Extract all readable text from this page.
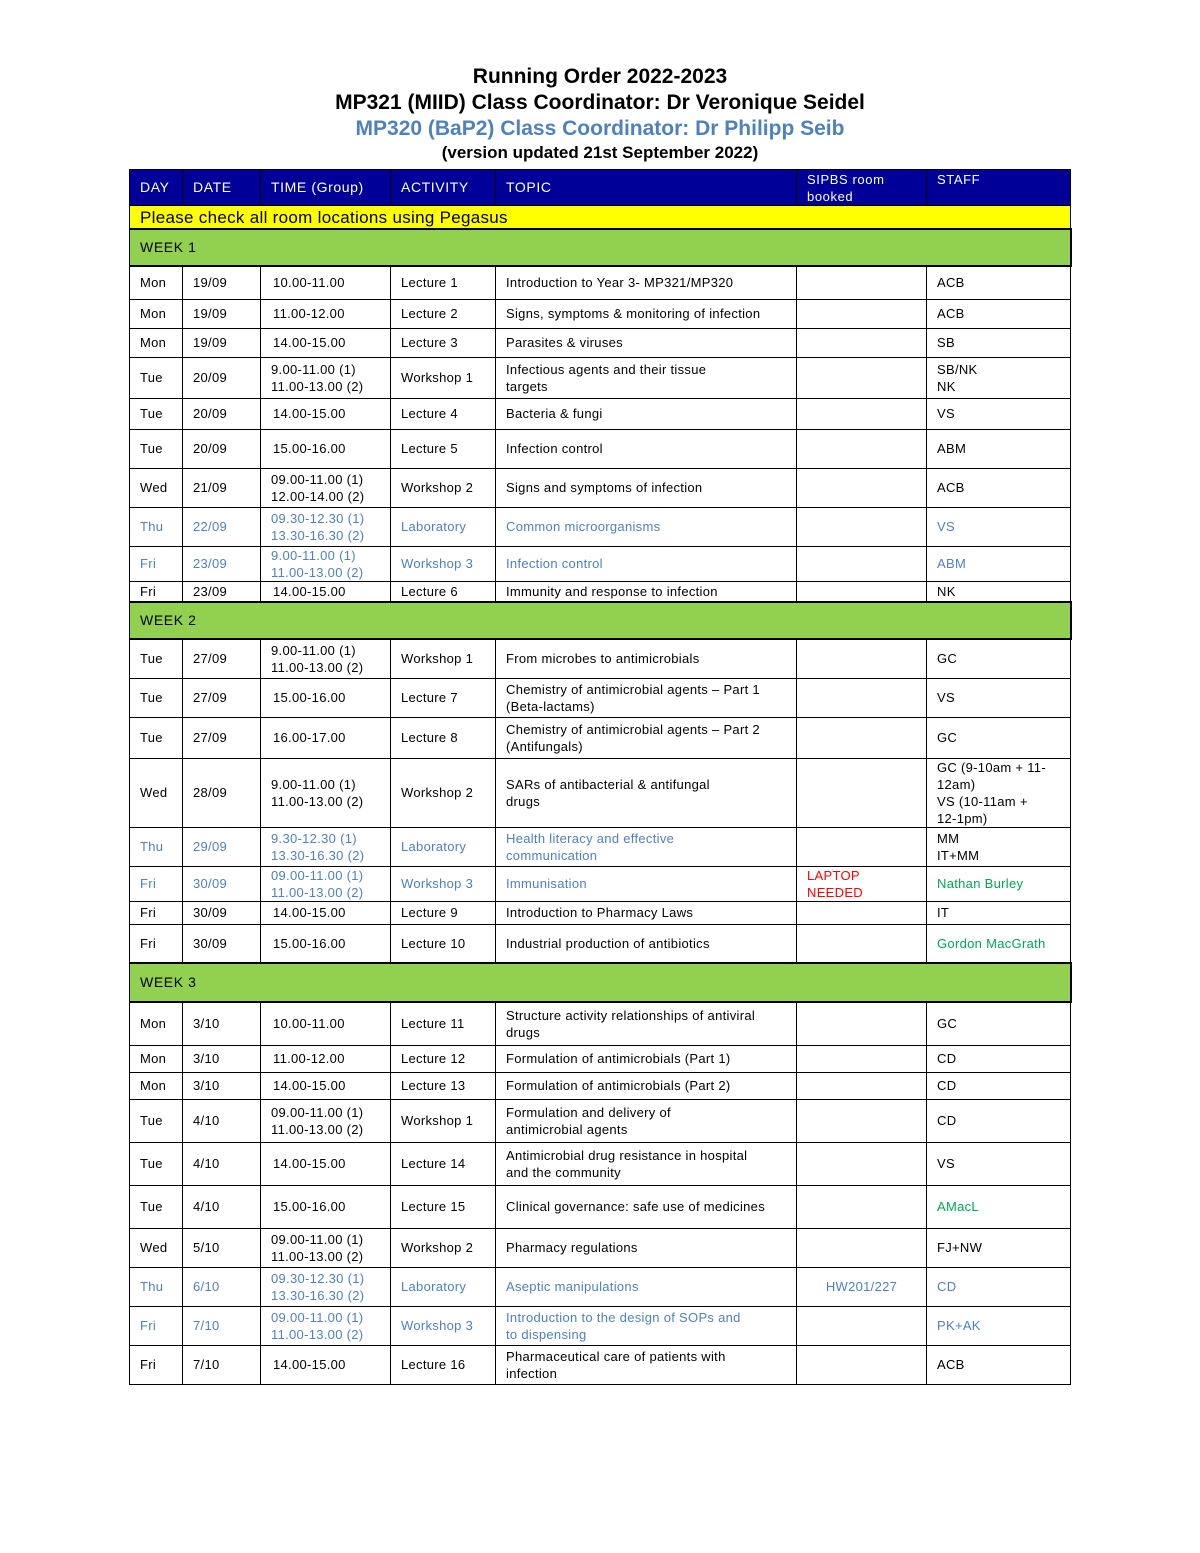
Running Order 2022-2023
MP321 (MIID) Class Coordinator: Dr Veronique Seidel
MP320 (BaP2) Class Coordinator: Dr Philipp Seib
(version updated 21st September 2022)
DAY	DATE	TIME (Group)	ACTIVITY	TOPIC	SIPBS room booked	STAFF
Please check all room locations using Pegasus						
WEEK 1						
Mon	19/09	10.00-11.00	Lecture 1	Introduction to Year 3- MP321/MP320		ACB

Mon	19/09	11.00-12.00	Lecture 2	Signs, symptoms & monitoring of infection		ACB

Mon	19/09	14.00-15.00	Lecture 3	Parasites & viruses		SB

Tue	20/09	9.00-11.00 (1)
11.00-13.00 (2)	Workshop 1	Infectious agents and their tissue
targets		SB/NK
NK

Tue	20/09	14.00-15.00	Lecture 4	Bacteria & fungi		VS

Tue	20/09	15.00-16.00	Lecture 5	Infection control		ABM

Wed	21/09	09.00-11.00 (1)
12.00-14.00 (2)	Workshop 2	Signs and symptoms of infection		ACB

Thu	22/09	09.30-12.30 (1)
13.30-16.30 (2)	Laboratory	Common microorganisms		VS

Fri	23/09	9.00-11.00 (1)
11.00-13.00 (2)	Workshop 3	Infection control		ABM

Fri	23/09	14.00-15.00	Lecture 6	Immunity and response to infection		NK

WEEK 2						
Tue	27/09	9.00-11.00 (1)
11.00-13.00 (2)	Workshop 1	From microbes to antimicrobials		GC

Tue	27/09	15.00-16.00	Lecture 7	Chemistry of antimicrobial agents – Part 1
(Beta-lactams)		VS

Tue	27/09	16.00-17.00	Lecture 8	Chemistry of antimicrobial agents – Part 2
(Antifungals)		GC

Wed	28/09	9.00-11.00 (1)
11.00-13.00 (2)	Workshop 2	SARs of antibacterial & antifungal
drugs		GC (9-10am + 11-
12am)
VS (10-11am +
12-1pm)

Thu	29/09	9.30-12.30 (1)
13.30-16.30 (2)	Laboratory	Health literacy and effective
communication		MM
IT+MM

Fri	30/09	09.00-11.00 (1)
11.00-13.00 (2)	Workshop 3	Immunisation	LAPTOP NEEDED	Nathan Burley

Fri	30/09	14.00-15.00	Lecture 9	Introduction to Pharmacy Laws		IT

Fri	30/09	15.00-16.00	Lecture 10	Industrial production of antibiotics		Gordon MacGrath

WEEK 3						
Mon	3/10	10.00-11.00	Lecture 11	Structure activity relationships of antiviral
drugs		GC

Mon	3/10	11.00-12.00	Lecture 12	Formulation of antimicrobials (Part 1)		CD

Mon	3/10	14.00-15.00	Lecture 13	Formulation of antimicrobials (Part 2)		CD

Tue	4/10	09.00-11.00 (1)
11.00-13.00 (2)	Workshop 1	Formulation and delivery of
antimicrobial agents		CD

Tue	4/10	14.00-15.00	Lecture 14	Antimicrobial drug resistance in hospital
and the community		VS

Tue	4/10	15.00-16.00	Lecture 15	Clinical governance: safe use of medicines		AMacL

Wed	5/10	09.00-11.00 (1)
11.00-13.00 (2)	Workshop 2	Pharmacy regulations		FJ+NW

Thu	6/10	09.30-12.30 (1)
13.30-16.30 (2)	Laboratory	Aseptic manipulations	HW201/227	CD

Fri	7/10	09.00-11.00 (1)
11.00-13.00 (2)	Workshop 3	Introduction to the design of SOPs and
to dispensing		PK+AK

Fri	7/10	14.00-15.00	Lecture 16	Pharmaceutical care of patients with
infection		ACB
